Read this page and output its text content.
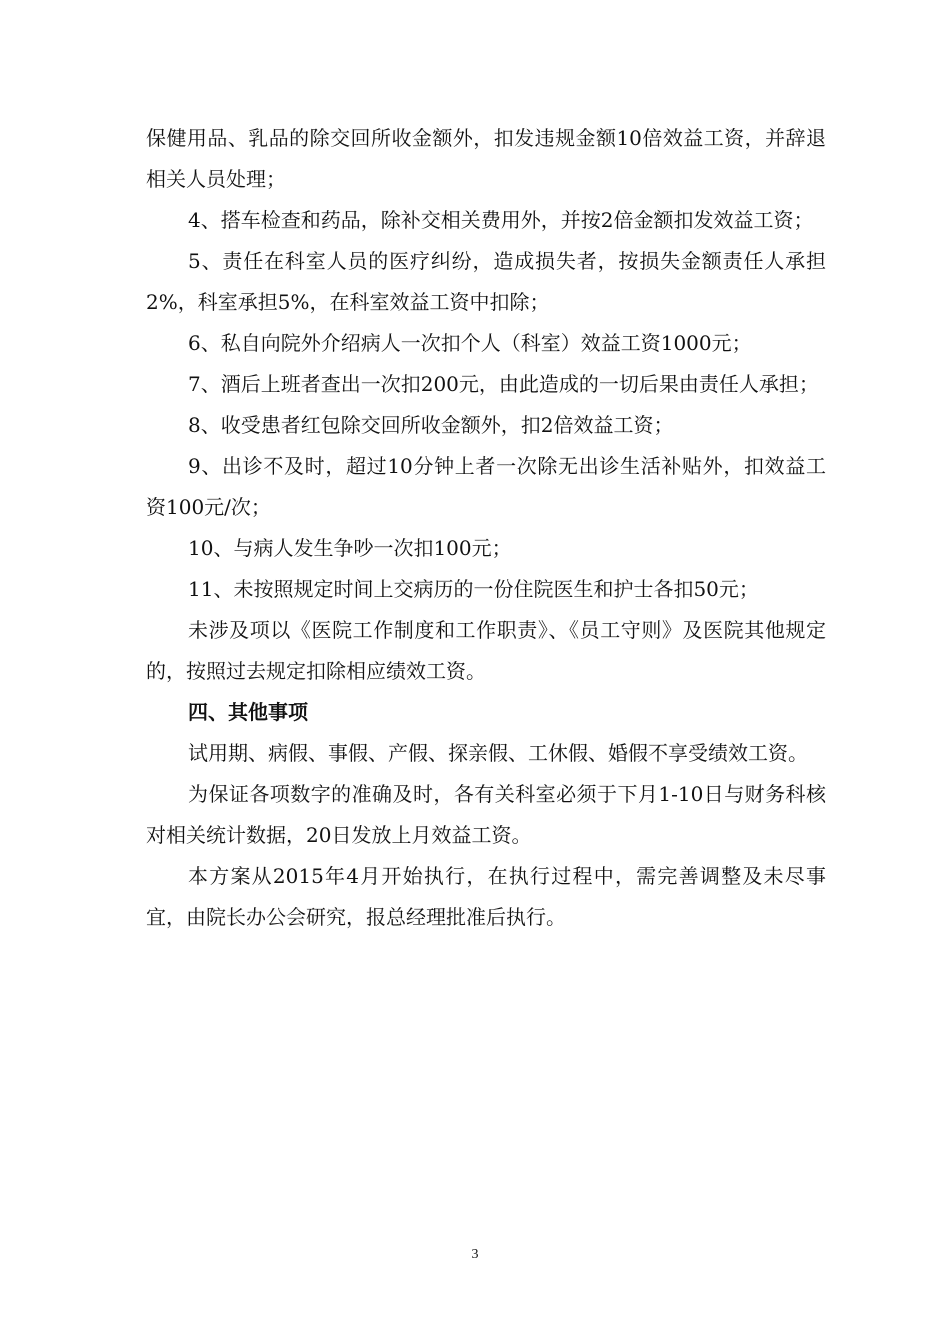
保健用品、乳品的除交回所收金额外，扣发违规金额10倍效益工资，并辞退相关人员处理；

4、搭车检查和药品，除补交相关费用外，并按2倍金额扣发效益工资；

5、责任在科室人员的医疗纠纷，造成损失者，按损失金额责任人承担2%，科室承担5%，在科室效益工资中扣除；

6、私自向院外介绍病人一次扣个人（科室）效益工资1000元；

7、酒后上班者查出一次扣200元，由此造成的一切后果由责任人承担；

8、收受患者红包除交回所收金额外，扣2倍效益工资；

9、出诊不及时，超过10分钟上者一次除无出诊生活补贴外，扣效益工资100元/次；

10、与病人发生争吵一次扣100元；

11、未按照规定时间上交病历的一份住院医生和护士各扣50元；

未涉及项以《医院工作制度和工作职责》、《员工守则》及医院其他规定的，按照过去规定扣除相应绩效工资。

四、其他事项

试用期、病假、事假、产假、探亲假、工休假、婚假不享受绩效工资。

为保证各项数字的准确及时，各有关科室必须于下月1-10日与财务科核对相关统计数据，20日发放上月效益工资。

本方案从2015年4月开始执行，在执行过程中，需完善调整及未尽事宜，由院长办公会研究，报总经理批准后执行。

3
